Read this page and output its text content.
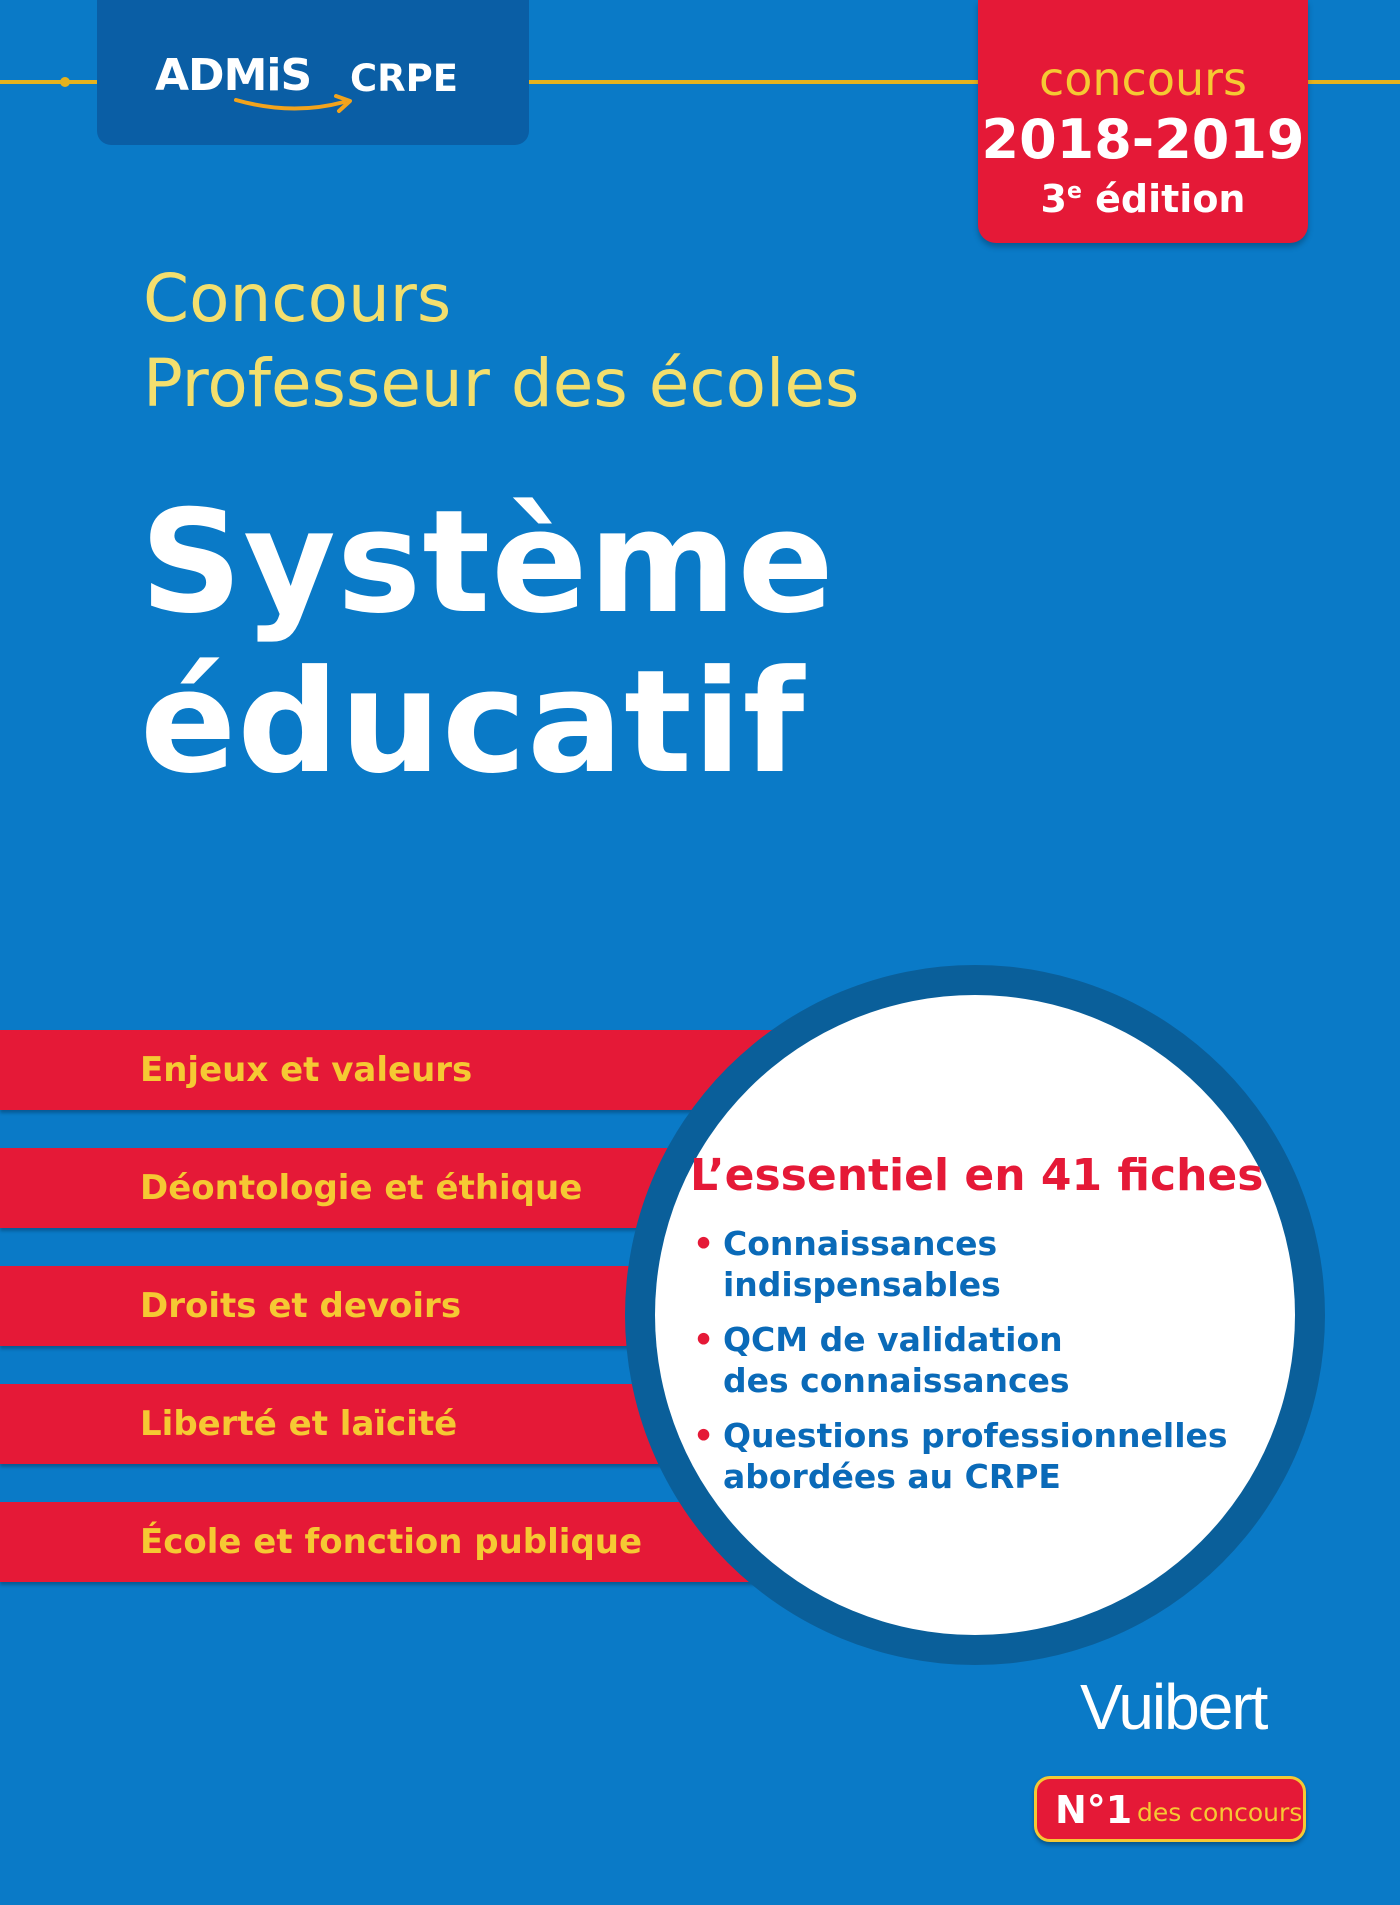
ADMiS CRPE	concours
2018-2019
3e édition
Concours
Professeur des écoles
Système
éducatif
Enjeux et valeurs
Déontologie et éthique
Droits et devoirs
Liberté et laïcité
École et fonction publique
L’essentiel en 41 fiches
• Connaissances indispensables
• QCM de validation
des connaissances
• Questions professionnelles
abordées au CRPE
Vuibert
N°1 des concours
